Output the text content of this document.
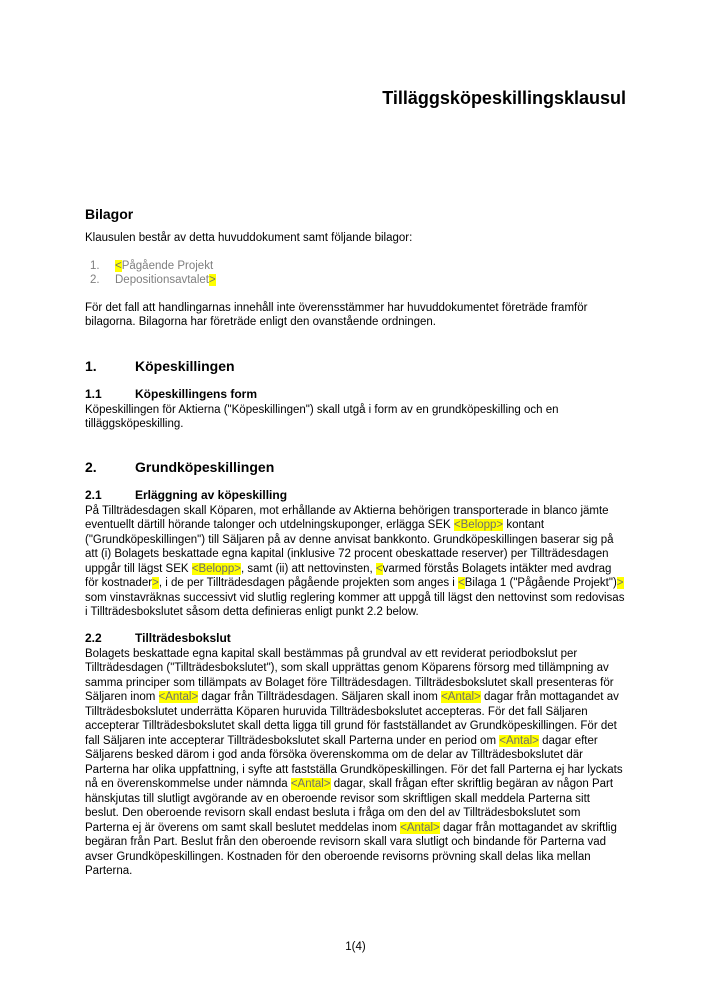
Tilläggsköpeskillingsklausul
Bilagor
Klausulen består av detta huvuddokument samt följande bilagor:
1.	<Pågående Projekt
2.	Depositionsavtalet>
För det fall att handlingarnas innehåll inte överensstämmer har huvuddokumentet företräde framför bilagorna. Bilagorna har företräde enligt den ovanstående ordningen.
1.	Köpeskillingen
1.1	Köpeskillingens form
Köpeskillingen för Aktierna ("Köpeskillingen") skall utgå i form av en grundköpeskilling och en tilläggsköpeskilling.
2.	Grundköpeskillingen
2.1	Erläggning av köpeskilling
På Tillträdesdagen skall Köparen, mot erhållande av Aktierna behörigen transporterade in blanco jämte eventuellt därtill hörande talonger och utdelningskuponger, erlägga SEK <Belopp> kontant ("Grundköpeskillingen") till Säljaren på av denne anvisat bankkonto. Grundköpeskillingen baserar sig på att (i) Bolagets beskattade egna kapital (inklusive 72 procent obeskattade reserver) per Tillträdesdagen uppgår till lägst SEK <Belopp>, samt (ii) att nettovinsten, <varmed förstås Bolagets intäkter med avdrag för kostnader>, i de per Tillträdesdagen pågående projekten som anges i <Bilaga 1 ("Pågående Projekt")> som vinstavräknas successivt vid slutlig reglering kommer att uppgå till lägst den nettovinst som redovisas i Tillträdesbokslutet såsom detta definieras enligt punkt 2.2 below.
2.2	Tillträdesbokslut
Bolagets beskattade egna kapital skall bestämmas på grundval av ett reviderat periodbokslut per Tillträdesdagen ("Tillträdesbokslutet"), som skall upprättas genom Köparens försorg med tillämpning av samma principer som tillämpats av Bolaget före Tillträdesdagen. Tillträdesbokslutet skall presenteras för Säljaren inom <Antal> dagar från Tillträdesdagen. Säljaren skall inom <Antal> dagar från mottagandet av Tillträdesbokslutet underrätta Köparen huruvida Tillträdesbokslutet accepteras. För det fall Säljaren accepterar Tillträdesbokslutet skall detta ligga till grund för fastställandet av Grundköpeskillingen. För det fall Säljaren inte accepterar Tillträdesbokslutet skall Parterna under en period om <Antal> dagar efter Säljarens besked därom i god anda försöka överenskomma om de delar av Tillträdesbokslutet där Parterna har olika uppfattning, i syfte att fastställa Grundköpeskillingen. För det fall Parterna ej har lyckats nå en överenskommelse under nämnda <Antal> dagar, skall frågan efter skriftlig begäran av någon Part hänskjutas till slutligt avgörande av en oberoende revisor som skriftligen skall meddela Parterna sitt beslut. Den oberoende revisorn skall endast besluta i fråga om den del av Tillträdesbokslutet som Parterna ej är överens om samt skall beslutet meddelas inom <Antal> dagar från mottagandet av skriftlig begäran från Part. Beslut från den oberoende revisorn skall vara slutligt och bindande för Parterna vad avser Grundköpeskillingen. Kostnaden för den oberoende revisorns prövning skall delas lika mellan Parterna.
1(4)
